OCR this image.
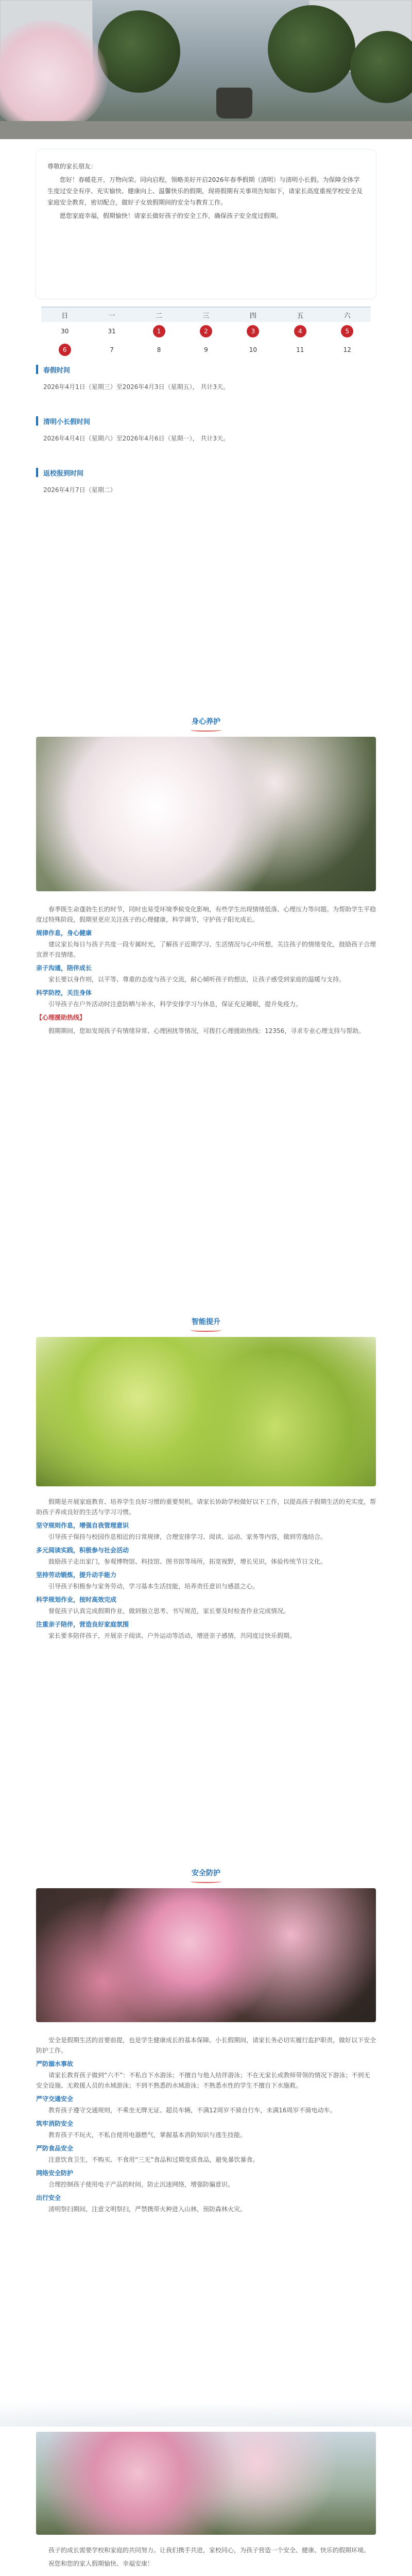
尊敬的家长朋友：

您好！春暖花开，万物向荣。同向启程，领略美好开启2026年春季假期（清明）与清明小长假。为保障全体学生度过安全有序、充实愉快、健康向上、温馨快乐的假期，现将假期有关事项告知如下，请家长高度重视学校安全及家庭安全教育，密切配合，做好子女放假期间的安全与教育工作。

愿您家庭幸福，假期愉快！请家长做好孩子的安全工作，确保孩子安全度过假期。

日	一	二	三	四	五	六
30	31	1	2	3	4	5
6	7	8	9	10	11	12
春假时间
2026年4月1日（星期三）至2026年4月3日（星期五）， 共计3天。
清明小长假时间
2026年4月4日（星期六）至2026年4月6日（星期一）， 共计3天。
返校报到时间
2026年4月7日（星期二）
身心养护

春季既生命蓬勃生长的时节，同时也易受环境季候变化影响，有些学生出现情绪低落、心理压力等问题。为帮助学生平稳度过特殊阶段，假期里更应关注孩子的心理健康，科学调节，守护孩子阳光成长。

规律作息，身心健康

建议家长每日与孩子共度一段专属时光，了解孩子近期学习、生活情况与心中所想，关注孩子的情绪变化，鼓励孩子合理宣泄不良情绪。

亲子沟通，陪伴成长

家长要以身作则，以平等、尊重的态度与孩子交流，耐心倾听孩子的想法，让孩子感受到家庭的温暖与支持。

科学防控，关注身体

引导孩子在户外活动时注意防晒与补水，科学安排学习与休息，保证充足睡眠，提升免疫力。

【心理援助热线】

假期期间，您如发现孩子有情绪异常、心理困扰等情况，可拨打心理援助热线：12356，寻求专业心理支持与帮助。

智能提升

假期是开展家庭教育、培养学生良好习惯的重要契机。请家长协助学校做好以下工作，以提高孩子假期生活的充实度，帮助孩子养成良好的生活与学习习惯。

坚守规则作息，增强自我管理意识

引导孩子保持与校园作息相近的日常规律，合理安排学习、阅读、运动、家务等内容，做到劳逸结合。

多元阅读实践，积极参与社会活动

鼓励孩子走出家门，参观博物馆、科技馆、图书馆等场所，拓宽视野，增长见识，体验传统节日文化。

坚持劳动锻炼，提升动手能力

引导孩子积极参与家务劳动，学习基本生活技能，培养责任意识与感恩之心。

科学规划作业，按时高效完成

督促孩子认真完成假期作业，做到独立思考、书写规范，家长要及时检查作业完成情况。

注重亲子陪伴，营造良好家庭氛围

家长要多陪伴孩子，开展亲子阅读、户外运动等活动，增进亲子感情，共同度过快乐假期。

安全防护

安全是假期生活的首要前提，也是学生健康成长的基本保障。小长假期间，请家长务必切实履行监护职责，做好以下安全防护工作。

严防溺水事故

请家长教育孩子做到“六不”：不私自下水游泳；不擅自与他人结伴游泳；不在无家长或教师带领的情况下游泳；不到无安全设施、无救援人员的水域游泳；不到不熟悉的水域游泳；不熟悉水性的学生不擅自下水施救。

严守交通安全

教育孩子遵守交通规则，不乘坐无牌无证、超员车辆，不满12周岁不骑自行车，未满16周岁不骑电动车。

筑牢消防安全

教育孩子不玩火，不私自使用电器燃气，掌握基本消防知识与逃生技能。

严防食品安全

注意饮食卫生，不购买、不食用“三无”食品和过期变质食品，避免暴饮暴食。

网络安全防护

合理控制孩子使用电子产品的时间，防止沉迷网络，增强防骗意识。

出行安全

清明祭扫期间，注意文明祭扫，严禁携带火种进入山林，预防森林火灾。

孩子的成长需要学校和家庭的共同努力。让我们携手共进，家校同心，为孩子营造一个安全、健康、快乐的假期环境。

祝您和您的家人假期愉快、幸福安康！
